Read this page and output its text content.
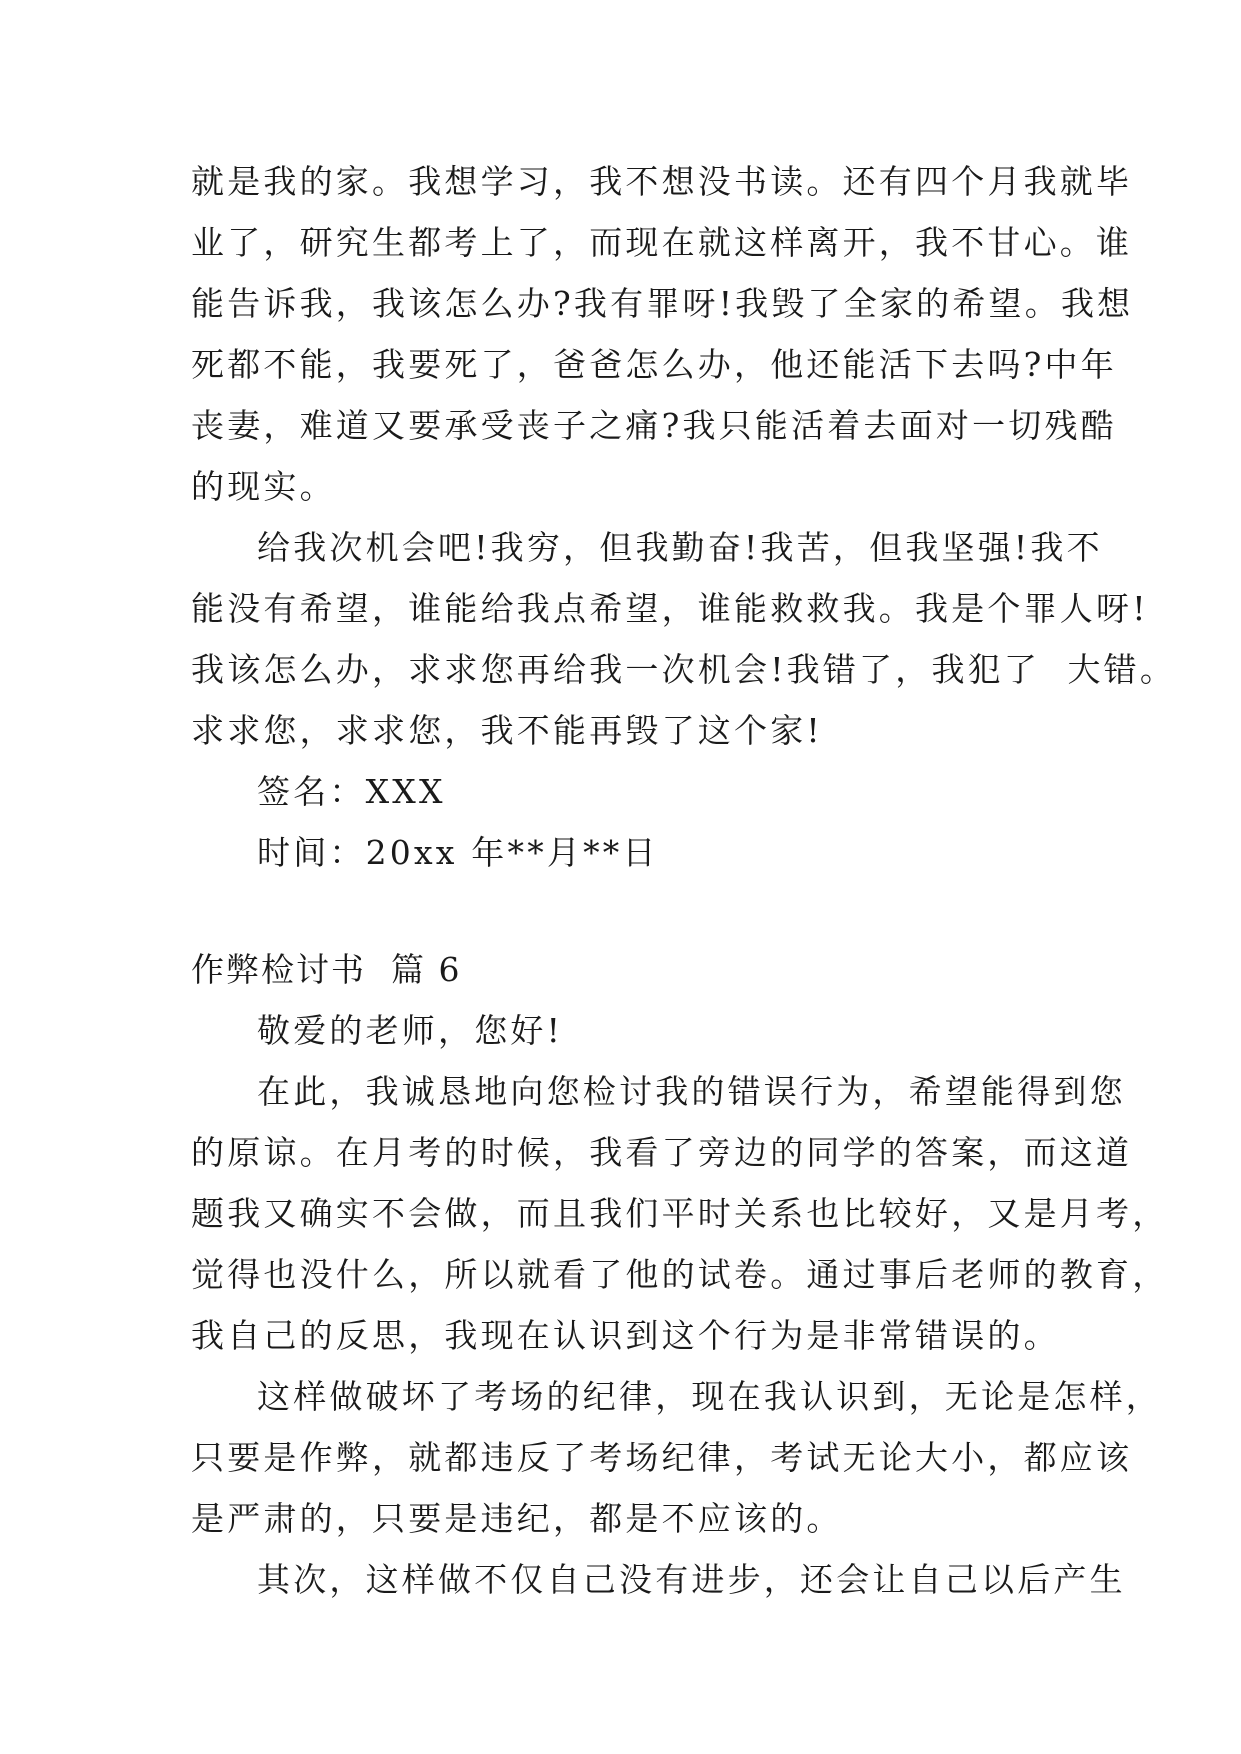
就是我的家。我想学习，我不想没书读。还有四个月我就毕
业了，研究生都考上了，而现在就这样离开，我不甘心。谁
能告诉我，我该怎么办?我有罪呀!我毁了全家的希望。我想
死都不能，我要死了，爸爸怎么办，他还能活下去吗?中年
丧妻，难道又要承受丧子之痛?我只能活着去面对一切残酷
的现实。
给我次机会吧!我穷，但我勤奋!我苦，但我坚强!我不
能没有希望，谁能给我点希望，谁能救救我。我是个罪人呀!
我该怎么办，求求您再给我一次机会!我错了，我犯了  大错。
求求您，求求您，我不能再毁了这个家!
签名：XXX
时间：20xx 年**月**日
作弊检讨书  篇 6
敬爱的老师，您好!
在此，我诚恳地向您检讨我的错误行为，希望能得到您
的原谅。在月考的时候，我看了旁边的同学的答案，而这道
题我又确实不会做，而且我们平时关系也比较好，又是月考，
觉得也没什么，所以就看了他的试卷。通过事后老师的教育，
我自己的反思，我现在认识到这个行为是非常错误的。
这样做破坏了考场的纪律，现在我认识到，无论是怎样，
只要是作弊，就都违反了考场纪律，考试无论大小，都应该
是严肃的，只要是违纪，都是不应该的。
其次，这样做不仅自己没有进步，还会让自己以后产生
